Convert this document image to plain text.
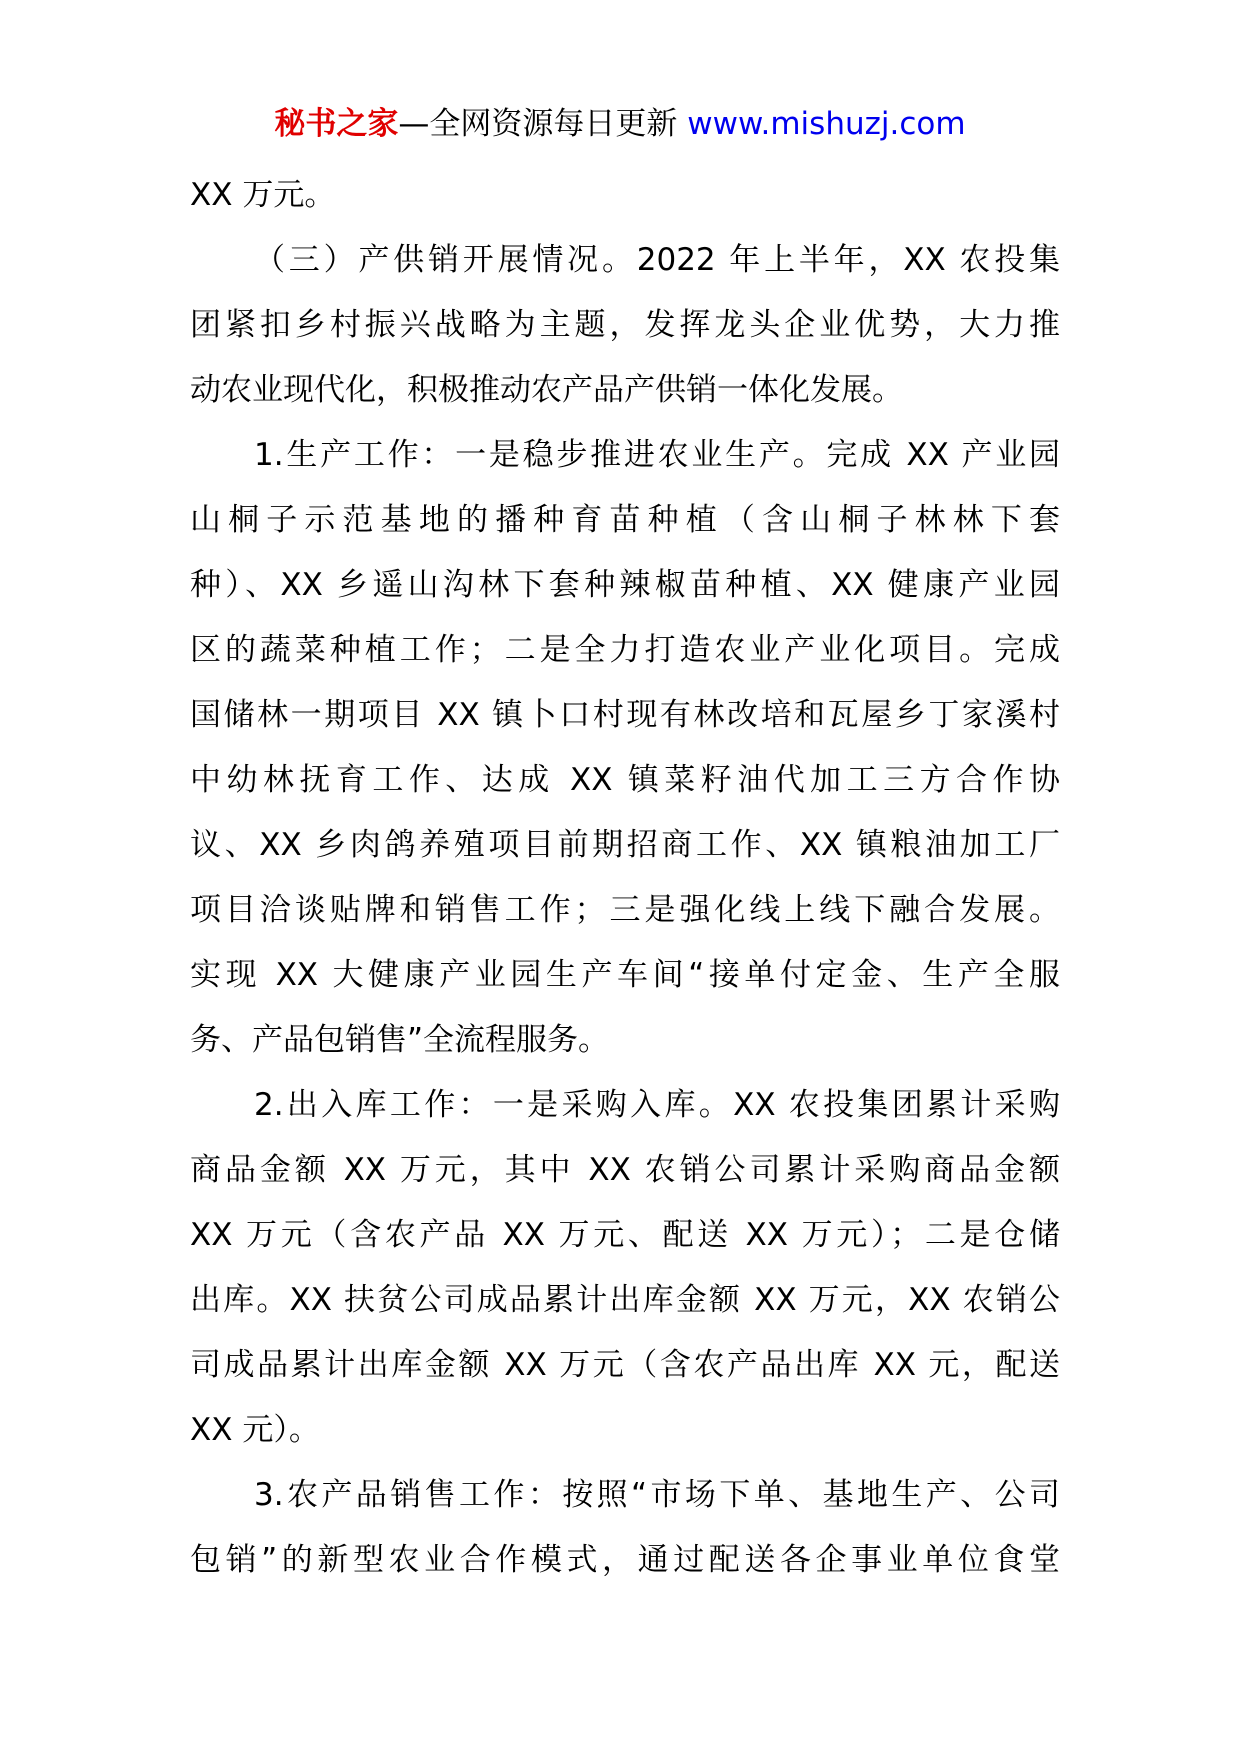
秘书之家—全网资源每日更新 www.mishuzj.com
XX 万元。
（三）产供销开展情况。2022 年上半年，XX 农投集
团紧扣乡村振兴战略为主题，发挥龙头企业优势，大力推
动农业现代化，积极推动农产品产供销一体化发展。
1.生产工作：一是稳步推进农业生产。完成 XX 产业园
山桐子示范基地的播种育苗种植（含山桐子林林下套
种）、XX 乡遥山沟林下套种辣椒苗种植、XX 健康产业园
区的蔬菜种植工作；二是全力打造农业产业化项目。完成
国储林一期项目 XX 镇卜口村现有林改培和瓦屋乡丁家溪村
中幼林抚育工作、达成 XX 镇菜籽油代加工三方合作协
议、XX 乡肉鸽养殖项目前期招商工作、XX 镇粮油加工厂
项目洽谈贴牌和销售工作；三是强化线上线下融合发展。
实现 XX 大健康产业园生产车间“接单付定金、生产全服
务、产品包销售”全流程服务。
2.出入库工作：一是采购入库。XX 农投集团累计采购
商品金额 XX 万元，其中 XX 农销公司累计采购商品金额
XX 万元（含农产品 XX 万元、配送 XX 万元）；二是仓储
出库。XX 扶贫公司成品累计出库金额 XX 万元，XX 农销公
司成品累计出库金额 XX 万元（含农产品出库 XX 元，配送
XX 元）。
3.农产品销售工作：按照“市场下单、基地生产、公司
包销”的新型农业合作模式，通过配送各企事业单位食堂
